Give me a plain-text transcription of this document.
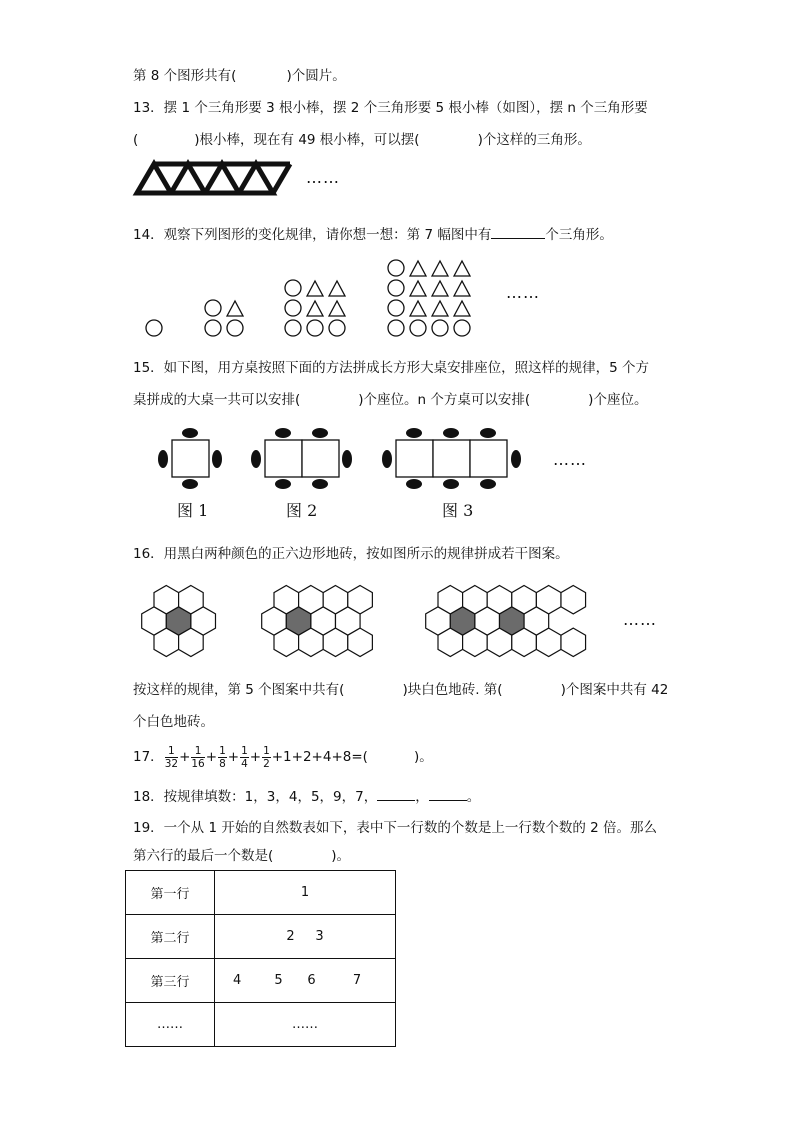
第 8 个图形共有(	)个圆片。
13．摆 1 个三角形要 3 根小棒，摆 2 个三角形要 5 根小棒（如图），摆 n 个三角形要
(	)根小棒，现在有 49 根小棒，可以摆(	)个这样的三角形。
……
14．观察下列图形的变化规律，请你想一想：第 7 幅图中有	个三角形。
……
15．如下图，用方桌按照下面的方法拼成长方形大桌安排座位，照这样的规律，5 个方
桌拼成的大桌一共可以安排(	)个座位。n 个方桌可以安排(	)个座位。
图 1	图 2	图 3
……
16．用黑白两种颜色的正六边形地砖，按如图所示的规律拼成若干图案。
……
按这样的规律，第 5 个图案中共有(	)块白色地砖. 第(	)个图案中共有 42
个白色地砖。
17． $\frac{1}{32} + \frac{1}{16} + \frac{1}{8} + \frac{1}{4} + \frac{1}{2} +1+2+4+8=$(	)。
18．按规律填数：1，3，4，5，9，7，	，	。
19．一个从 1 开始的自然数表如下，表中下一行数的个数是上一行数个数的 2 倍。那么
第六行的最后一个数是(	)。
第一行	1
第二行	2 3
第三行	4 5 6 7
……	……
